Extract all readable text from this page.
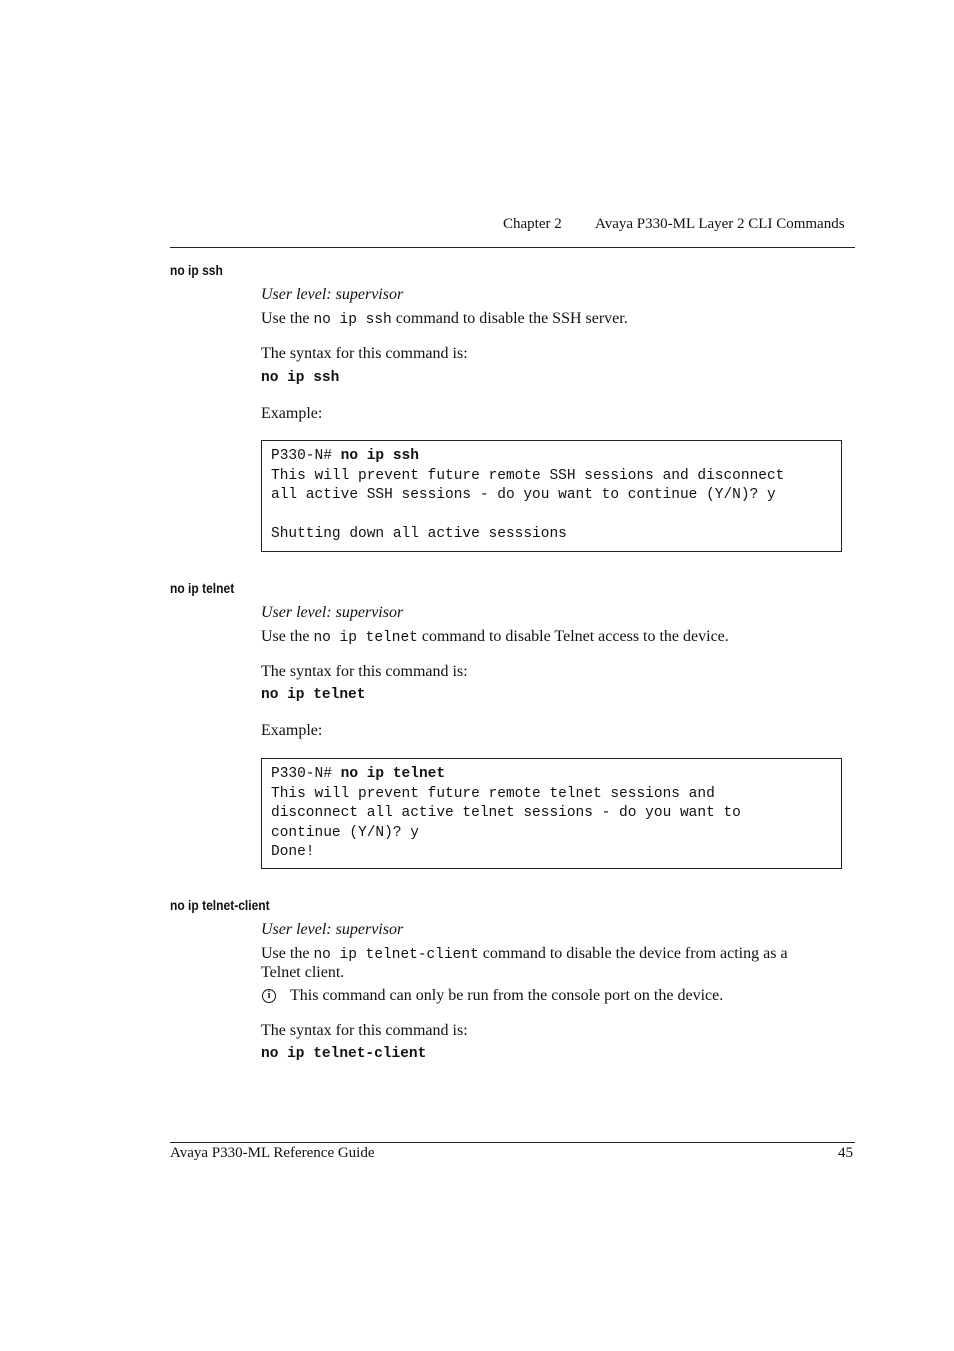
Chapter 2 Avaya P330-ML Layer 2 CLI Commands
no ip ssh
User level: supervisor
Use the no ip ssh command to disable the SSH server.
The syntax for this command is:
no ip ssh
Example:
P330-N# no ip ssh
This will prevent future remote SSH sessions and disconnect
all active SSH sessions - do you want to continue (Y/N)? y

Shutting down all active sesssions
no ip telnet
User level: supervisor
Use the no ip telnet command to disable Telnet access to the device.
The syntax for this command is:
no ip telnet
Example:
P330-N# no ip telnet
This will prevent future remote telnet sessions and
disconnect all active telnet sessions - do you want to
continue (Y/N)? y
Done!
no ip telnet-client
User level: supervisor
Use the no ip telnet-client command to disable the device from acting as a
Telnet client.
i	This command can only be run from the console port on the device.
The syntax for this command is:
no ip telnet-client
Avaya P330-ML Reference Guide	45
